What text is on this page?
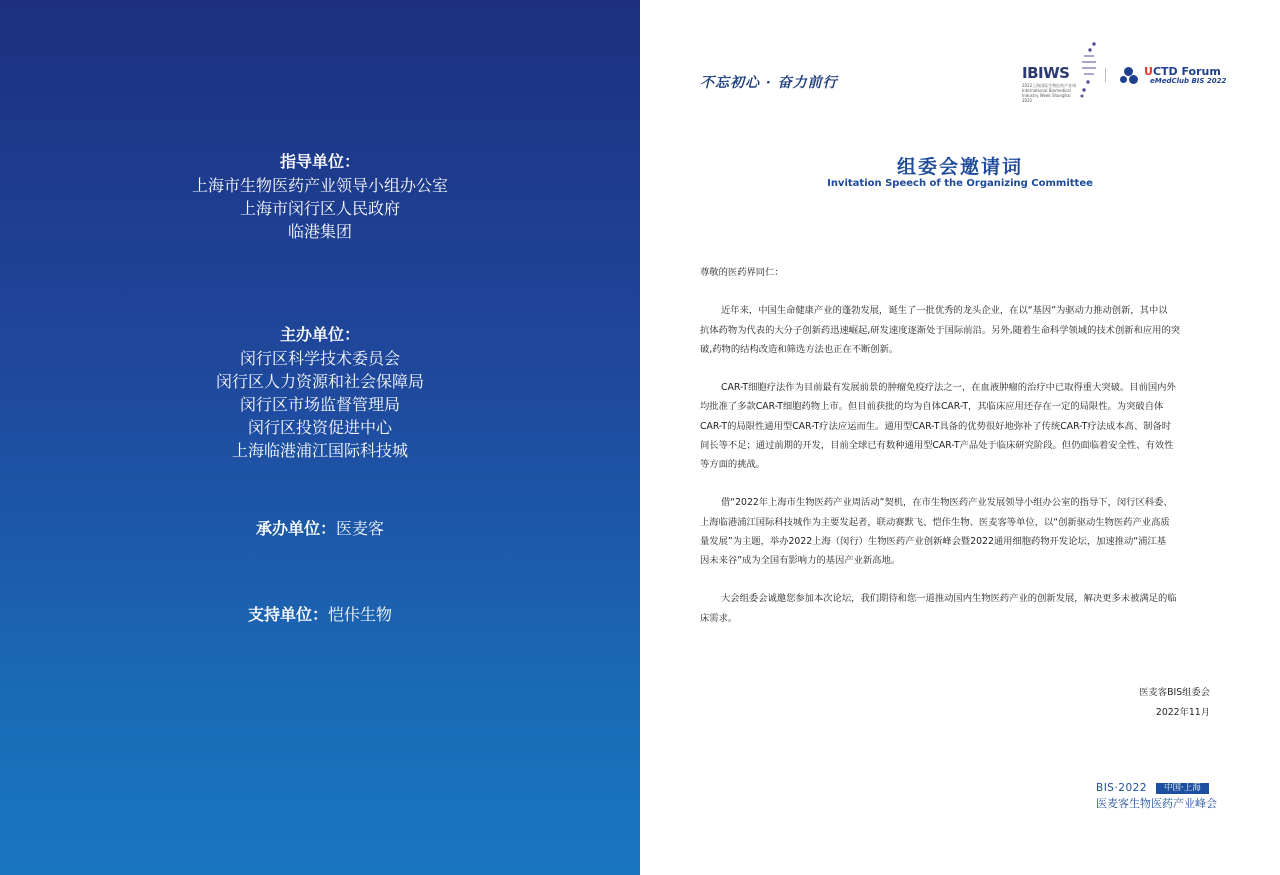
指导单位：
上海市生物医药产业领导小组办公室
上海市闵行区人民政府
临港集团
主办单位：
闵行区科学技术委员会
闵行区人力资源和社会保障局
闵行区市场监督管理局
闵行区投资促进中心
上海临港浦江国际科技城
承办单位：医麦客
支持单位：恺佧生物
不忘初心 · 奋力前行
IBIWS
2022上海国际生物医药产业周 International Biomedical Industry Week Shanghai 2022
UCTD Forum
eMedClub BIS 2022
组委会邀请词
Invitation Speech of the Organizing Committee

尊敬的医药界同仁：

近年来，中国生命健康产业的蓬勃发展，诞生了一批优秀的龙头企业，在以“基因”为驱动力推动创新，其中以
抗体药物为代表的大分子创新药迅速崛起,研发速度逐渐处于国际前沿。另外,随着生命科学领域的技术创新和应用的突
破,药物的结构改造和筛选方法也正在不断创新。

CAR-T细胞疗法作为目前最有发展前景的肿瘤免疫疗法之一，在血液肿瘤的治疗中已取得重大突破。目前国内外
均批准了多款CAR-T细胞药物上市。但目前获批的均为自体CAR-T，其临床应用还存在一定的局限性。为突破自体
CAR-T的局限性通用型CAR-T疗法应运而生。通用型CAR-T具备的优势很好地弥补了传统CAR-T疗法成本高、制备时
间长等不足；通过前期的开发，目前全球已有数种通用型CAR-T产品处于临床研究阶段。但仍面临着安全性、有效性
等方面的挑战。

借“2022年上海市生物医药产业周活动”契机，在市生物医药产业发展领导小组办公室的指导下，闵行区科委、
上海临港浦江国际科技城作为主要发起者，联动赛默飞、恺佧生物、医麦客等单位，以“创新驱动生物医药产业高质
量发展”为主题，举办2022上海（闵行）生物医药产业创新峰会暨2022通用细胞药物开发论坛，加速推动“浦江基
因未来谷”成为全国有影响力的基因产业新高地。

大会组委会诚邀您参加本次论坛，我们期待和您一道推动国内生物医药产业的创新发展，解决更多未被满足的临
床需求。

医麦客BIS组委会
2022年11月
BIS·2022	中国·上海
医麦客生物医药产业峰会
